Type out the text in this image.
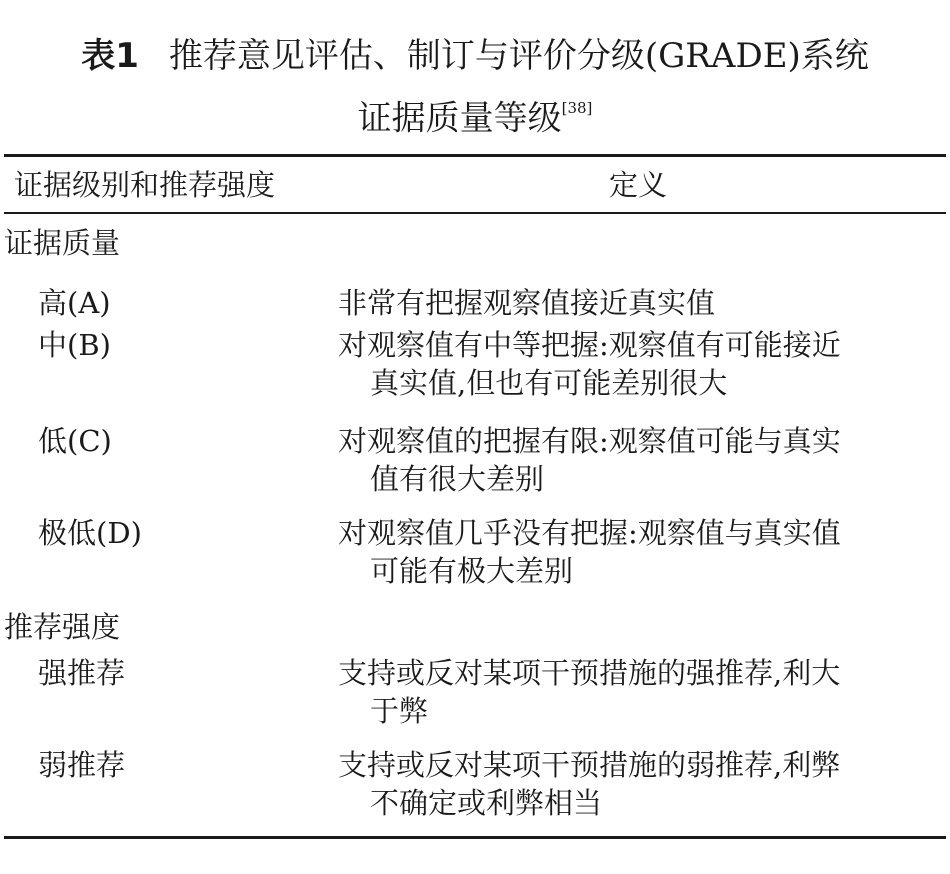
表1 推荐意见评估、制订与评价分级(GRADE)系统
证据质量等级[38]
证据级别和推荐强度	定义
证据质量
高(A)	非常有把握观察值接近真实值
中(B)	对观察值有中等把握:观察值有可能接近
真实值,但也有可能差别很大
低(C)	对观察值的把握有限:观察值可能与真实
值有很大差别
极低(D)	对观察值几乎没有把握:观察值与真实值
可能有极大差别
推荐强度
强推荐	支持或反对某项干预措施的强推荐,利大
于弊
弱推荐	支持或反对某项干预措施的弱推荐,利弊
不确定或利弊相当
